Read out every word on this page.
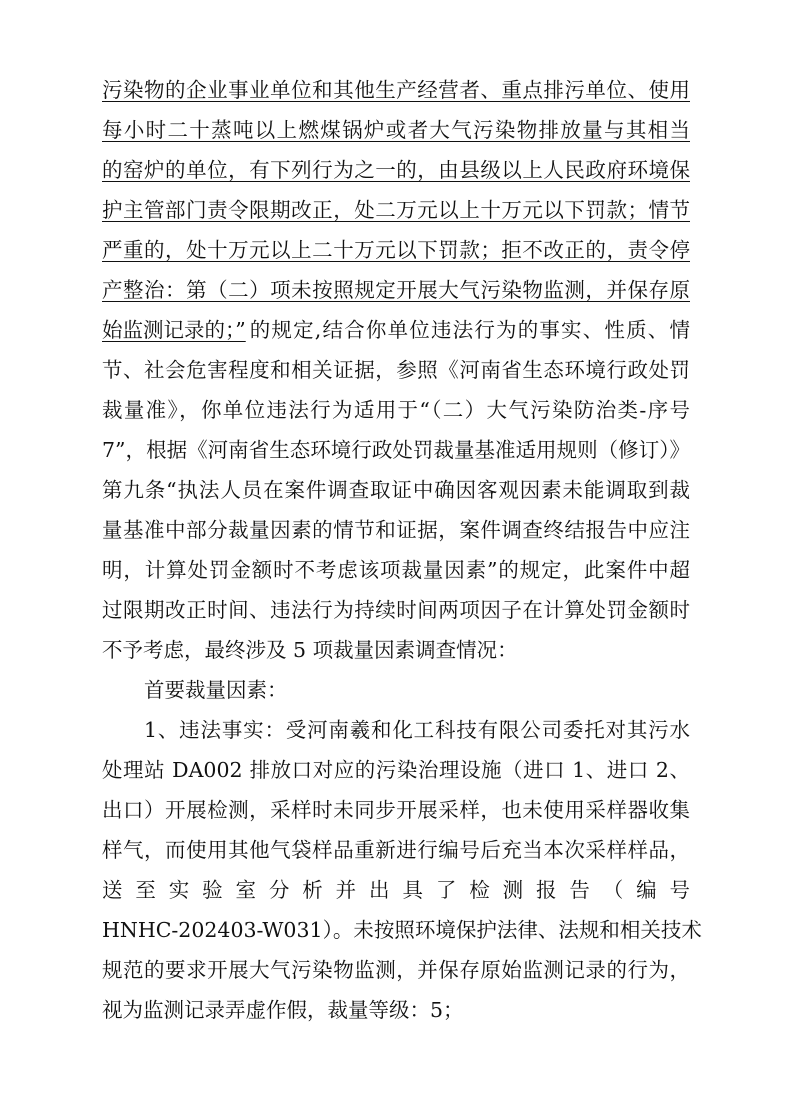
污染物的企业事业单位和其他生产经营者、重点排污单位、使用
每小时二十蒸吨以上燃煤锅炉或者大气污染物排放量与其相当
的窑炉的单位，有下列行为之一的，由县级以上人民政府环境保
护主管部门责令限期改正，处二万元以上十万元以下罚款；情节
严重的，处十万元以上二十万元以下罚款；拒不改正的，责令停
产整治：第（二）项未按照规定开展大气污染物监测，并保存原
始监测记录的；” 的规定,结合你单位违法行为的事实、性质、情
节、社会危害程度和相关证据，参照《河南省生态环境行政处罚
裁量准》，你单位违法行为适用于“（二）大气污染防治类-序号
7”，根据《河南省生态环境行政处罚裁量基准适用规则（修订）》
第九条“执法人员在案件调查取证中确因客观因素未能调取到裁
量基准中部分裁量因素的情节和证据，案件调查终结报告中应注
明，计算处罚金额时不考虑该项裁量因素”的规定，此案件中超
过限期改正时间、违法行为持续时间两项因子在计算处罚金额时
不予考虑，最终涉及 5 项裁量因素调查情况：
首要裁量因素：
1、违法事实：受河南羲和化工科技有限公司委托对其污水
处理站 DA002 排放口对应的污染治理设施（进口 1、进口 2、
出口）开展检测，采样时未同步开展采样，也未使用采样器收集
样气，而使用其他气袋样品重新进行编号后充当本次采样样品，
送至实验室分析并出具了检测报告（编号
HNHC-202403-W031）。未按照环境保护法律、法规和相关技术
规范的要求开展大气污染物监测，并保存原始监测记录的行为，
视为监测记录弄虚作假，裁量等级：5；
